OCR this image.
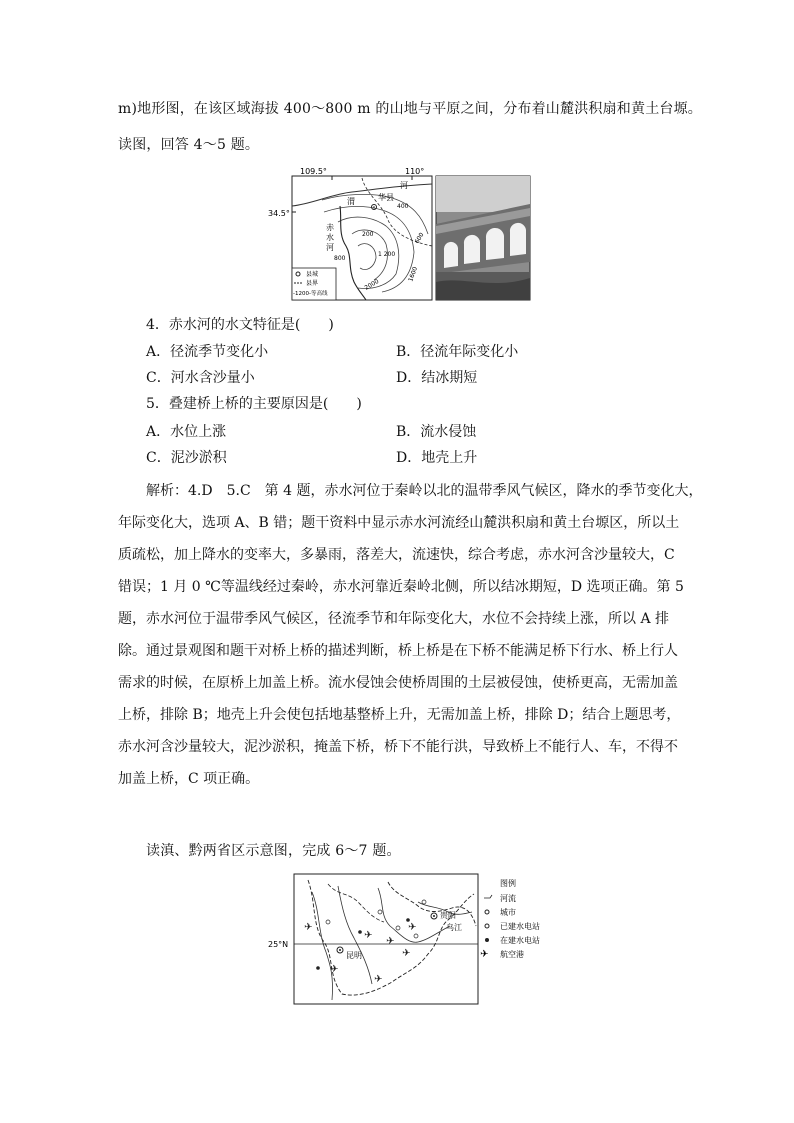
m)地形图，在该区域海拔 400～800 m 的山地与平原之间，分布着山麓洪积扇和黄土台塬。
读图，回答 4～5 题。
109.5°	110°
34.5°
渭
河
华县
赤
水
河
400
800
1 200
1600
2000
200	600
县城
县界
-1200-等高线
4．赤水河的水文特征是(　　)
A．径流季节变化小	B．径流年际变化小
C．河水含沙量小	D．结冰期短
5．叠建桥上桥的主要原因是(　　)
A．水位上涨	B．流水侵蚀
C．泥沙淤积	D．地壳上升
解析：4.D　5.C　第 4 题，赤水河位于秦岭以北的温带季风气候区，降水的季节变化大，
年际变化大，选项 A、B 错；题干资料中显示赤水河流经山麓洪积扇和黄土台塬区，所以土
质疏松，加上降水的变率大，多暴雨，落差大，流速快，综合考虑，赤水河含沙量较大，C
错误；1 月 0 ℃等温线经过秦岭，赤水河靠近秦岭北侧，所以结冰期短，D 选项正确。第 5
题，赤水河位于温带季风气候区，径流季节和年际变化大，水位不会持续上涨，所以 A 排
除。通过景观图和题干对桥上桥的描述判断，桥上桥是在下桥不能满足桥下行水、桥上行人
需求的时候，在原桥上加盖上桥。流水侵蚀会使桥周围的土层被侵蚀，使桥更高，无需加盖
上桥，排除 B；地壳上升会使包括地基整桥上升，无需加盖上桥，排除 D；结合上题思考，
赤水河含沙量较大，泥沙淤积，掩盖下桥，桥下不能行洪，导致桥上不能行人、车，不得不
加盖上桥，C 项正确。
读滇、黔两省区示意图，完成 6～7 题。
25°N
贵阳
乌江
昆明
✈
✈
✈
✈
✈
✈
✈
图例
河流
城市
已建水电站
在建水电站
✈ 航空港
